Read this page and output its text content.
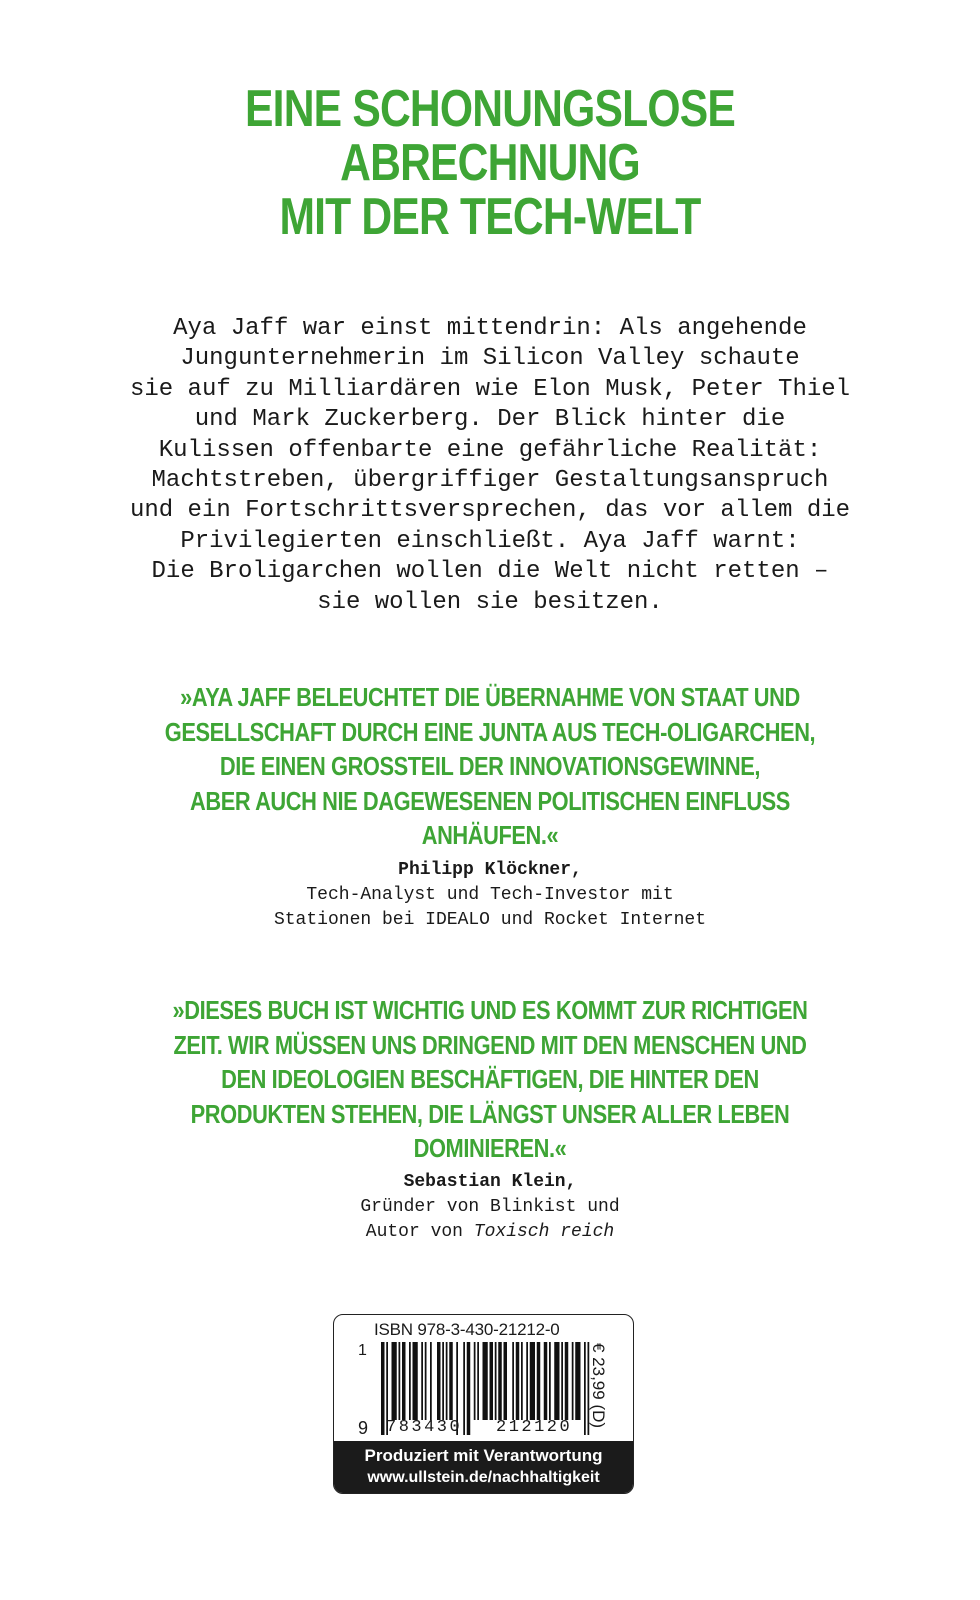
EINE SCHONUNGSLOSE
ABRECHNUNG
MIT DER TECH-WELT
Aya Jaff war einst mittendrin: Als angehende
Jungunternehmerin im Silicon Valley schaute
sie auf zu Milliardären wie Elon Musk, Peter Thiel
und Mark Zuckerberg. Der Blick hinter die
Kulissen offenbarte eine gefährliche Realität:
Machtstreben, übergriffiger Gestaltungsanspruch
und ein Fortschrittsversprechen, das vor allem die
Privilegierten einschließt. Aya Jaff warnt:
Die Broligarchen wollen die Welt nicht retten –
sie wollen sie besitzen.
»AYA JAFF BELEUCHTET DIE ÜBERNAHME VON STAAT UND
GESELLSCHAFT DURCH EINE JUNTA AUS TECH-OLIGARCHEN,
DIE EINEN GROSSTEIL DER INNOVATIONSGEWINNE,
ABER AUCH NIE DAGEWESENEN POLITISCHEN EINFLUSS
ANHÄUFEN.«
Philipp Klöckner,
Tech-Analyst und Tech-Investor mit
Stationen bei IDEALO und Rocket Internet
»DIESES BUCH IST WICHTIG UND ES KOMMT ZUR RICHTIGEN
ZEIT. WIR MÜSSEN UNS DRINGEND MIT DEN MENSCHEN UND
DEN IDEOLOGIEN BESCHÄFTIGEN, DIE HINTER DEN
PRODUKTEN STEHEN, DIE LÄNGST UNSER ALLER LEBEN
DOMINIEREN.«
Sebastian Klein,
Gründer von Blinkist und
Autor von Toxisch reich
ISBN 978-3-430-21212-0
1
9 783430 212120 € 23,99 (D)
Produziert mit Verantwortung
www.ullstein.de/nachhaltigkeit
